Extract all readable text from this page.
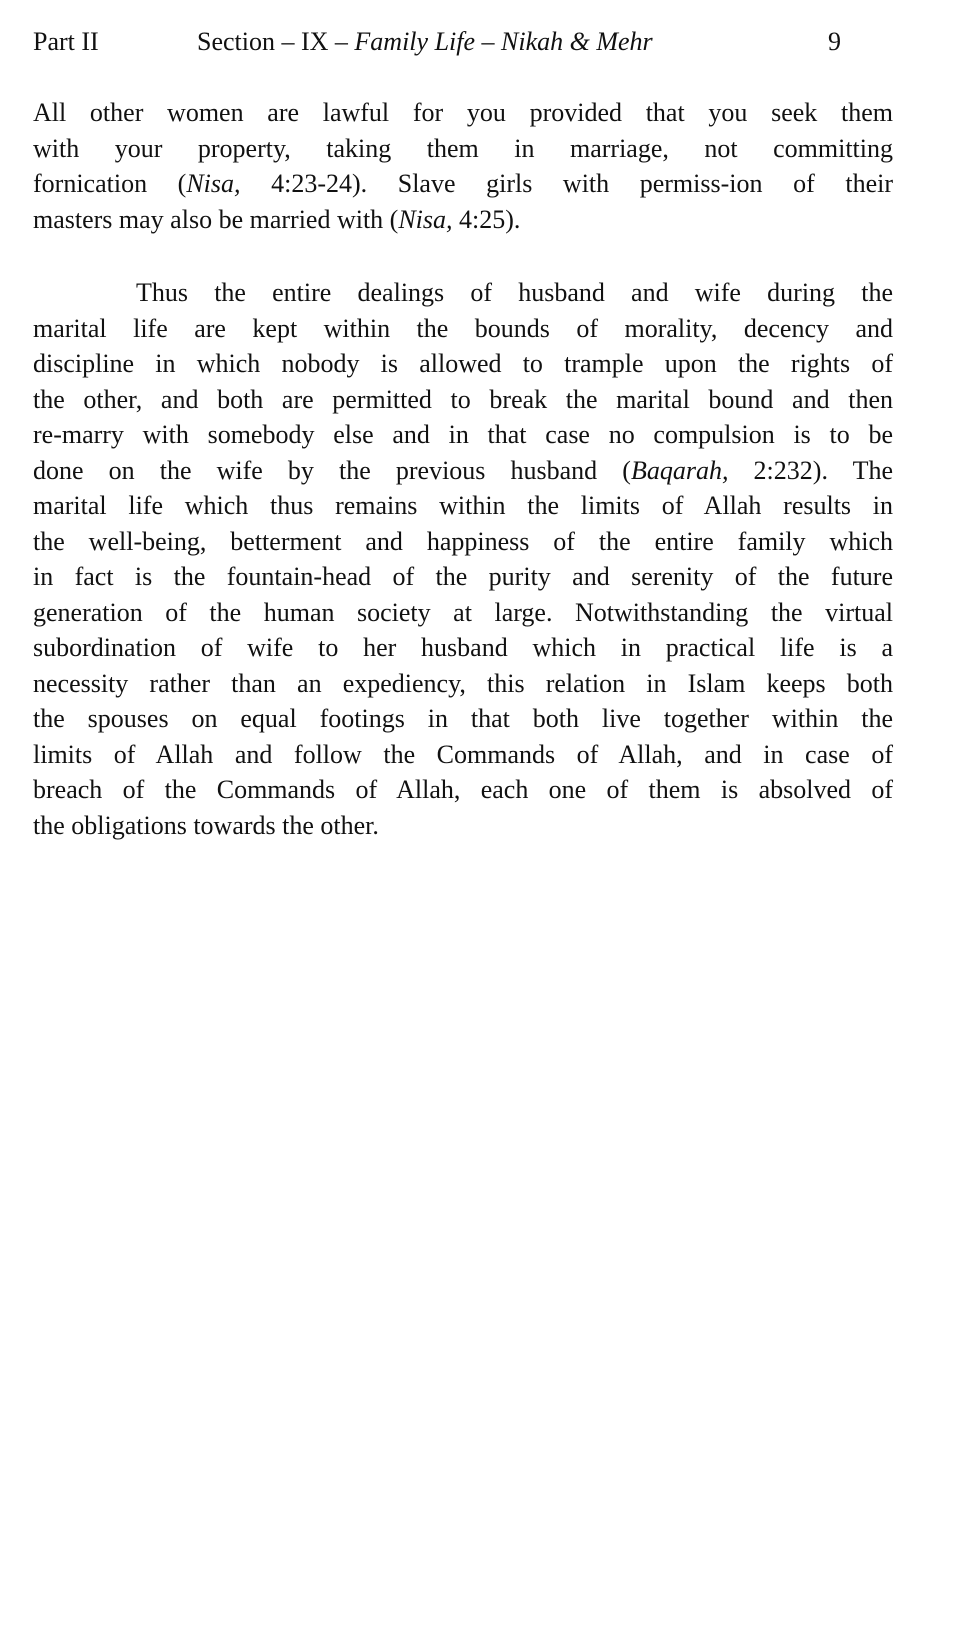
Part II	Section – IX – Family Life – Nikah & Mehr	9
All other women are lawful for you provided that you seek them
with your property, taking them in marriage, not committing
fornication (Nisa, 4:23-24). Slave girls with permiss-ion of their
masters may also be married with (Nisa, 4:25).
Thus the entire dealings of husband and wife during the
marital life are kept within the bounds of morality, decency and
discipline in which nobody is allowed to trample upon the rights of
the other, and both are permitted to break the marital bound and then
re-marry with somebody else and in that case no compulsion is to be
done on the wife by the previous husband (Baqarah, 2:232). The
marital life which thus remains within the limits of Allah results in
the well-being, betterment and happiness of the entire family which
in fact is the fountain-head of the purity and serenity of the future
generation of the human society at large. Notwithstanding the virtual
subordination of wife to her husband which in practical life is a
necessity rather than an expediency, this relation in Islam keeps both
the spouses on equal footings in that both live together within the
limits of Allah and follow the Commands of Allah, and in case of
breach of the Commands of Allah, each one of them is absolved of
the obligations towards the other.
